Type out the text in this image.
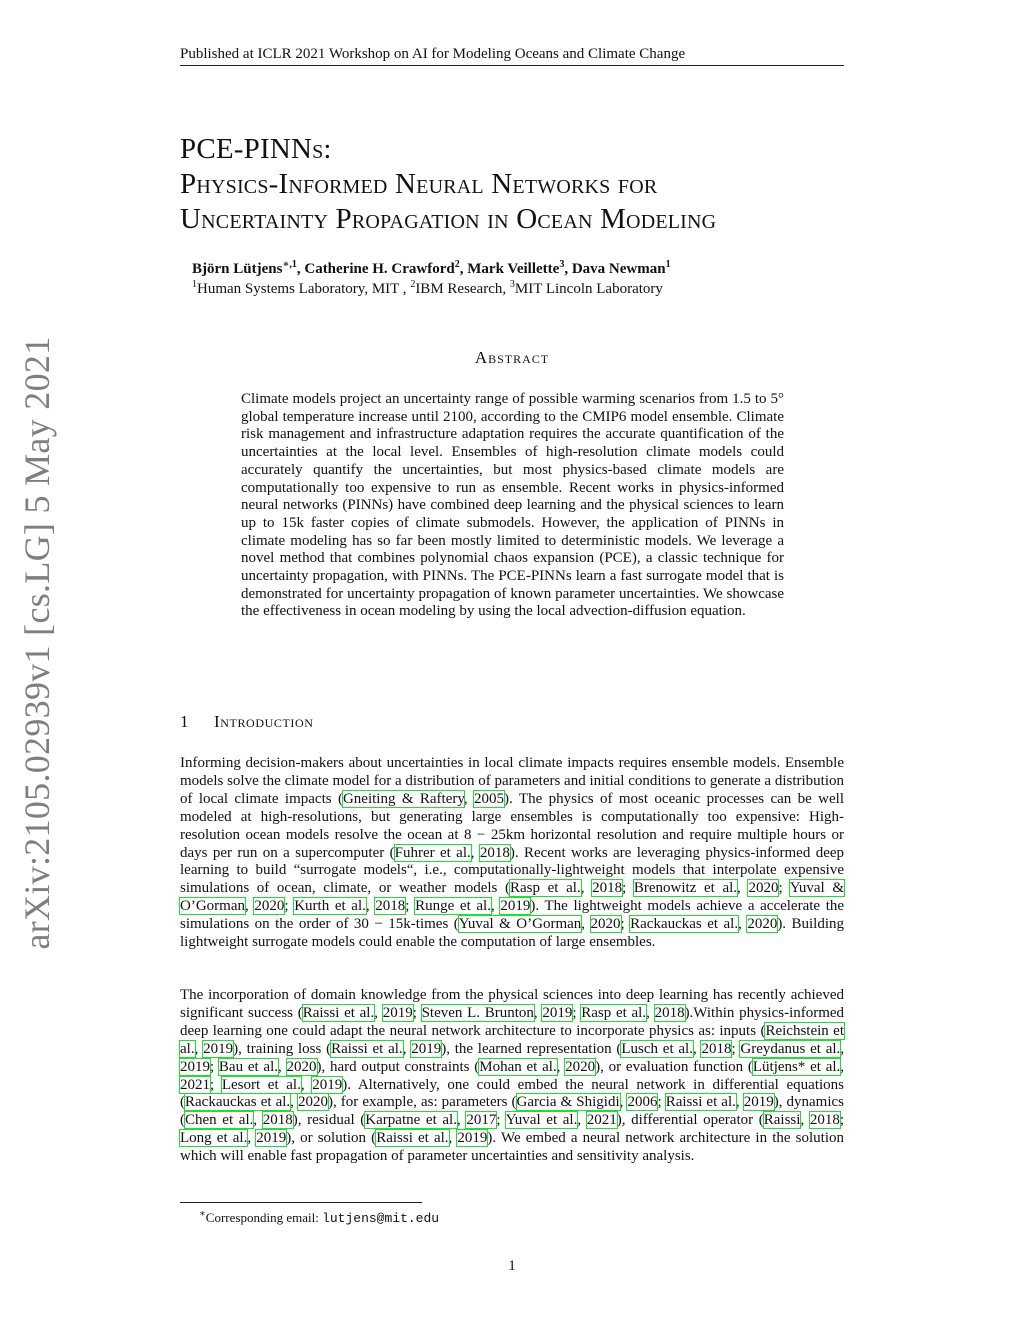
Published at ICLR 2021 Workshop on AI for Modeling Oceans and Climate Change
arXiv:2105.02939v1 [cs.LG] 5 May 2021
PCE-PINNs:
Physics-Informed Neural Networks for
Uncertainty Propagation in Ocean Modeling
Björn Lütjens$^{∗,1}$, Catherine H. Crawford$^2$, Mark Veillette$^3$, Dava Newman$^1$
$^1$Human Systems Laboratory, MIT , $^2$IBM Research, $^3$MIT Lincoln Laboratory
Abstract
Climate models project an uncertainty range of possible warming scenarios from 1.5 to 5° global temperature increase until 2100, according to the CMIP6 model ensemble. Climate risk management and infrastructure adaptation requires the accurate quantification of the uncertainties at the local level. Ensembles of high-resolution climate models could accurately quantify the uncertainties, but most physics-based climate models are computationally too expensive to run as ensemble. Recent works in physics-informed neural networks (PINNs) have combined deep learning and the physical sciences to learn up to 15k faster copies of climate submodels. However, the application of PINNs in climate modeling has so far been mostly limited to deterministic models. We leverage a novel method that combines polynomial chaos expansion (PCE), a classic technique for uncertainty propagation, with PINNs. The PCE-PINNs learn a fast surrogate model that is demonstrated for uncertainty propagation of known parameter uncertainties. We showcase the effectiveness in ocean modeling by using the local advection-diffusion equation.
1 Introduction
Informing decision-makers about uncertainties in local climate impacts requires ensemble models. Ensemble models solve the climate model for a distribution of parameters and initial conditions to generate a distribution of local climate impacts (Gneiting & Raftery, 2005). The physics of most oceanic processes can be well modeled at high-resolutions, but generating large ensembles is computationally too expensive: High-resolution ocean models resolve the ocean at 8 − 25km horizontal resolution and require multiple hours or days per run on a supercomputer (Fuhrer et al., 2018). Recent works are leveraging physics-informed deep learning to build “surrogate models“, i.e., computationally-lightweight models that interpolate expensive simulations of ocean, climate, or weather models (Rasp et al., 2018; Brenowitz et al., 2020; Yuval & O’Gorman, 2020; Kurth et al., 2018; Runge et al., 2019). The lightweight models achieve a accelerate the simulations on the order of 30 − 15k-times (Yuval & O’Gorman, 2020; Rackauckas et al., 2020). Building lightweight surrogate models could enable the computation of large ensembles.
The incorporation of domain knowledge from the physical sciences into deep learning has recently achieved significant success (Raissi et al., 2019; Steven L. Brunton, 2019; Rasp et al., 2018).Within physics-informed deep learning one could adapt the neural network architecture to incorporate physics as: inputs (Reichstein et al., 2019), training loss (Raissi et al., 2019), the learned representation (Lusch et al., 2018; Greydanus et al., 2019; Bau et al., 2020), hard output constraints (Mohan et al., 2020), or evaluation function (Lütjens* et al., 2021; Lesort et al., 2019). Alternatively, one could embed the neural network in differential equations (Rackauckas et al., 2020), for example, as: parameters (Garcia & Shigidi, 2006; Raissi et al., 2019), dynamics (Chen et al., 2018), residual (Karpatne et al., 2017; Yuval et al., 2021), differential operator (Raissi, 2018; Long et al., 2019), or solution (Raissi et al., 2019). We embed a neural network architecture in the solution which will enable fast propagation of parameter uncertainties and sensitivity analysis.
∗Corresponding email: lutjens@mit.edu
1
